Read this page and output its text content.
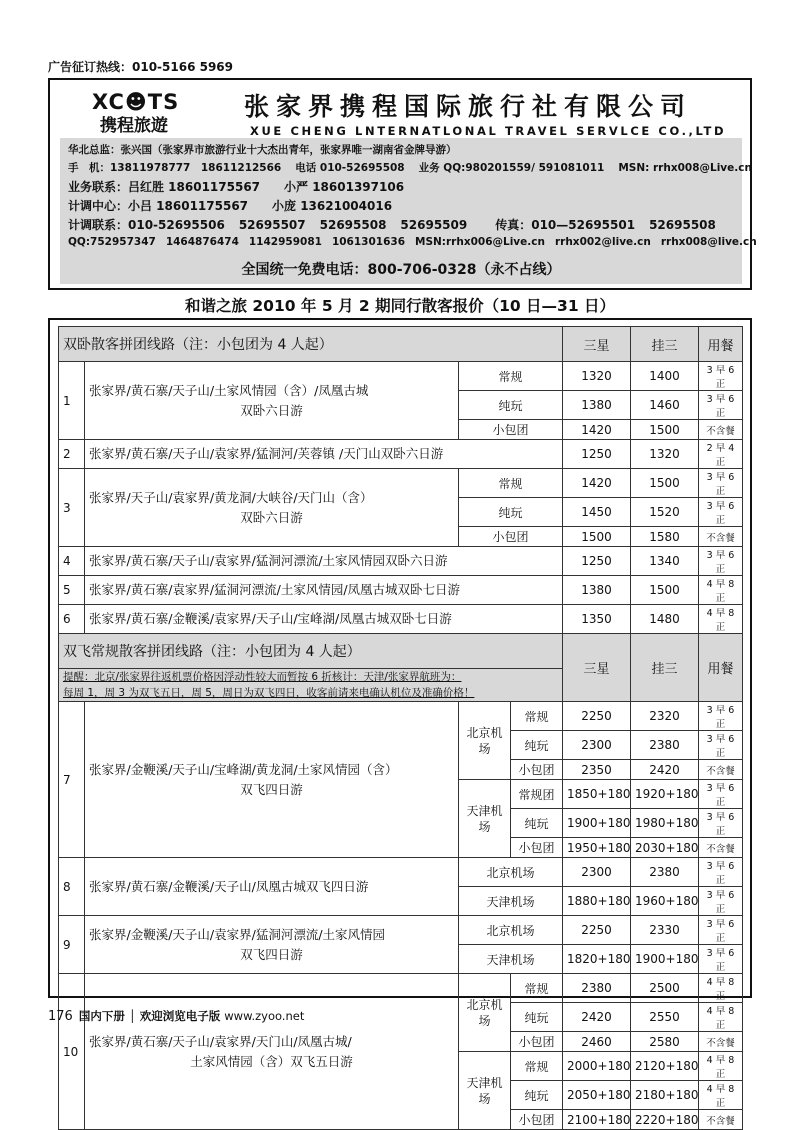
广告征订热线：010-5166 5969
XC☻TS
携程旅遊
张家界携程国际旅行社有限公司
XUE CHENG LNTERNATLONAL TRAVEL SERVLCE CO.,LTD
华北总监：张兴国（张家界市旅游行业十大杰出青年，张家界唯一湖南省金牌导游）
手　机：13811978777　18611212566 电话 010-52695508 业务 QQ:980201559/ 591081011 MSN: rrhx008@Live.cn
业务联系：吕红胜 18601175567 小严 18601397106
计调中心：小吕 18601175567 小庞 13621004016
计调联系：010-52695506 52695507 52695508 52695509 传真：010—52695501 52695508
QQ:752957347 1464876474 1142959081 1061301636 MSN:rrhx006@Live.cn rrhx002@live.cn rrhx008@live.cn
全国统一免费电话：800-706-0328（永不占线）
和谐之旅 2010 年 5 月 2 期同行散客报价（10 日—31 日）
双卧散客拼团线路（注：小包团为 4 人起）				三星	挂三	用餐
1	张家界/黄石寨/天子山/土家风情园（含）/凤凰古城
双卧六日游	常规		1320	1400	3 早 6 正
		纯玩		1380	1460	3 早 6 正
		小包团		1420	1500	不含餐
2	张家界/黄石寨/天子山/袁家界/猛洞河/芙蓉镇 /天门山双卧六日游			1250	1320	2 早 4 正
3	张家界/天子山/袁家界/黄龙洞/大峡谷/天门山（含）
双卧六日游	常规		1420	1500	3 早 6 正
		纯玩		1450	1520	3 早 6 正
		小包团		1500	1580	不含餐
4	张家界/黄石寨/天子山/袁家界/猛洞河漂流/土家风情园双卧六日游			1250	1340	3 早 6 正
5	张家界/黄石寨/袁家界/猛洞河漂流/土家风情园/凤凰古城双卧七日游			1380	1500	4 早 8 正
6	张家界/黄石寨/金鞭溪/袁家界/天子山/宝峰湖/凤凰古城双卧七日游			1350	1480	4 早 8 正
双飞常规散客拼团线路（注：小包团为 4 人起）				三星	挂三	用餐

提醒：北京/张家界往返机票价格因浮动性较大而暂按 6 折核计：天津/张家界航班为：
每周 1，周 3 为双飞五日，周 5，周日为双飞四日，收客前请来电确认机位及准确价格！						

7	张家界/金鞭溪/天子山/宝峰湖/黄龙洞/土家风情园（含）
双飞四日游	北京机场	常规	2250	2320	3 早 6 正
			纯玩	2300	2380	3 早 6 正
			小包团	2350	2420	不含餐
		天津机场	常规团	1850+180	1920+180	3 早 6 正
			纯玩	1900+180	1980+180	3 早 6 正
			小包团	1950+180	2030+180	不含餐
8	张家界/黄石寨/金鞭溪/天子山/凤凰古城双飞四日游	北京机场		2300	2380	3 早 6 正
		天津机场		1880+180	1960+180	3 早 6 正
9	张家界/金鞭溪/天子山/袁家界/猛洞河漂流/土家风情园
双飞四日游	北京机场		2250	2330	3 早 6 正
		天津机场		1820+180	1900+180	3 早 6 正
10	张家界/黄石寨/天子山/袁家界/天门山/凤凰古城/
土家风情园（含）双飞五日游	北京机场	常规	2380	2500	4 早 8 正
			纯玩	2420	2550	4 早 8 正
			小包团	2460	2580	不含餐
		天津机场	常规	2000+180	2120+180	4 早 8 正
			纯玩	2050+180	2180+180	4 早 8 正
			小包团	2100+180	2220+180	不含餐
176 国内下册 │ 欢迎浏览电子版 www.zyoo.net
